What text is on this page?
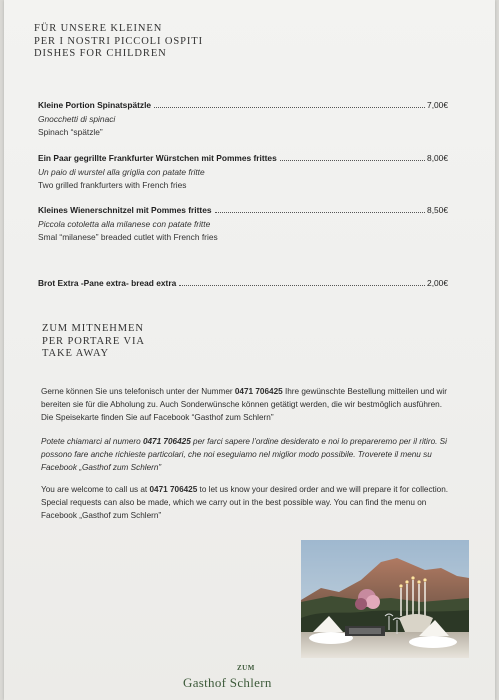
FÜR UNSERE KLEINEN
PER I NOSTRI PICCOLI OSPITI
DISHES FOR CHILDREN
Kleine Portion Spinatspätzle	7,00€
Gnocchetti di spinaci
Spinach “spätzle”
Ein Paar gegrillte Frankfurter Würstchen mit Pommes frittes	8,00€
Un paio di wurstel alla griglia con patate fritte
Two grilled frankfurters with French fries
Kleines Wienerschnitzel mit Pommes frittes	8,50€
Piccola cotoletta alla milanese con patate fritte
Smal “milanese” breaded cutlet with French fries
Brot Extra -Pane extra- bread extra	2,00€
ZUM MITNEHMEN
PER PORTARE VIA
TAKE AWAY

Gerne können Sie uns telefonisch unter der Nummer 0471 706425 Ihre gewünschte Bestellung mitteilen und wir bereiten sie für die Abholung zu. Auch Sonderwünsche können getätigt werden, die wir bestmöglich ausführen. Die Speisekarte finden Sie auf Facebook “Gasthof zum Schlern”

Potete chiamarci al numero 0471 706425 per farci sapere l’ordine desiderato e noi lo prepareremo per il ritiro. Si possono fare anche richieste particolari, che noi eseguiamo nel miglior modo possibile. Troverete il menu su Facebook „Gasthof zum Schlern”

You are welcome to call us at 0471 706425 to let us know your desired order and we will prepare it for collection. Special requests can also be made, which we carry out in the best possible way. You can find the menu on Facebook „Gasthof zum Schlern”

ZUM
Gasthof Schlern
